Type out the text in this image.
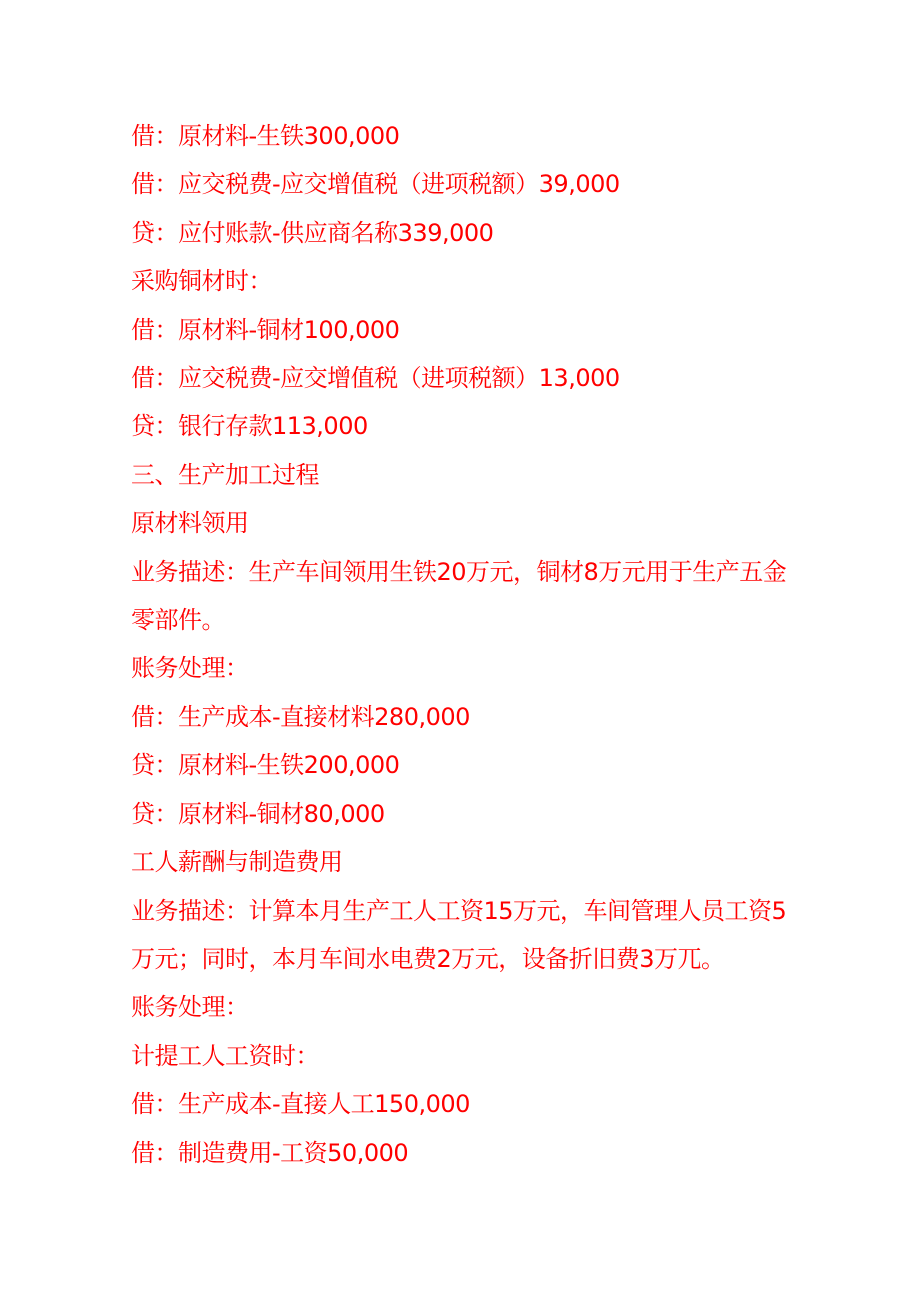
借：原材料-生铁300,000
借：应交税费-应交增值税（进项税额）39,000
贷：应付账款-供应商名称339,000
采购铜材时：
借：原材料-铜材100,000
借：应交税费-应交增值税（进项税额）13,000
贷：银行存款113,000
三、生产加工过程
原材料领用
业务描述：生产车间领用生铁20万元，铜材8万元用于生产五金
零部件。
账务处理：
借：生产成本-直接材料280,000
贷：原材料-生铁200,000
贷：原材料-铜材80,000
工人薪酬与制造费用
业务描述：计算本月生产工人工资15万元，车间管理人员工资5
万元；同时，本月车间水电费2万元，设备折旧费3万兀。
账务处理：
计提工人工资时：
借：生产成本-直接人工150,000
借：制造费用-工资50,000
